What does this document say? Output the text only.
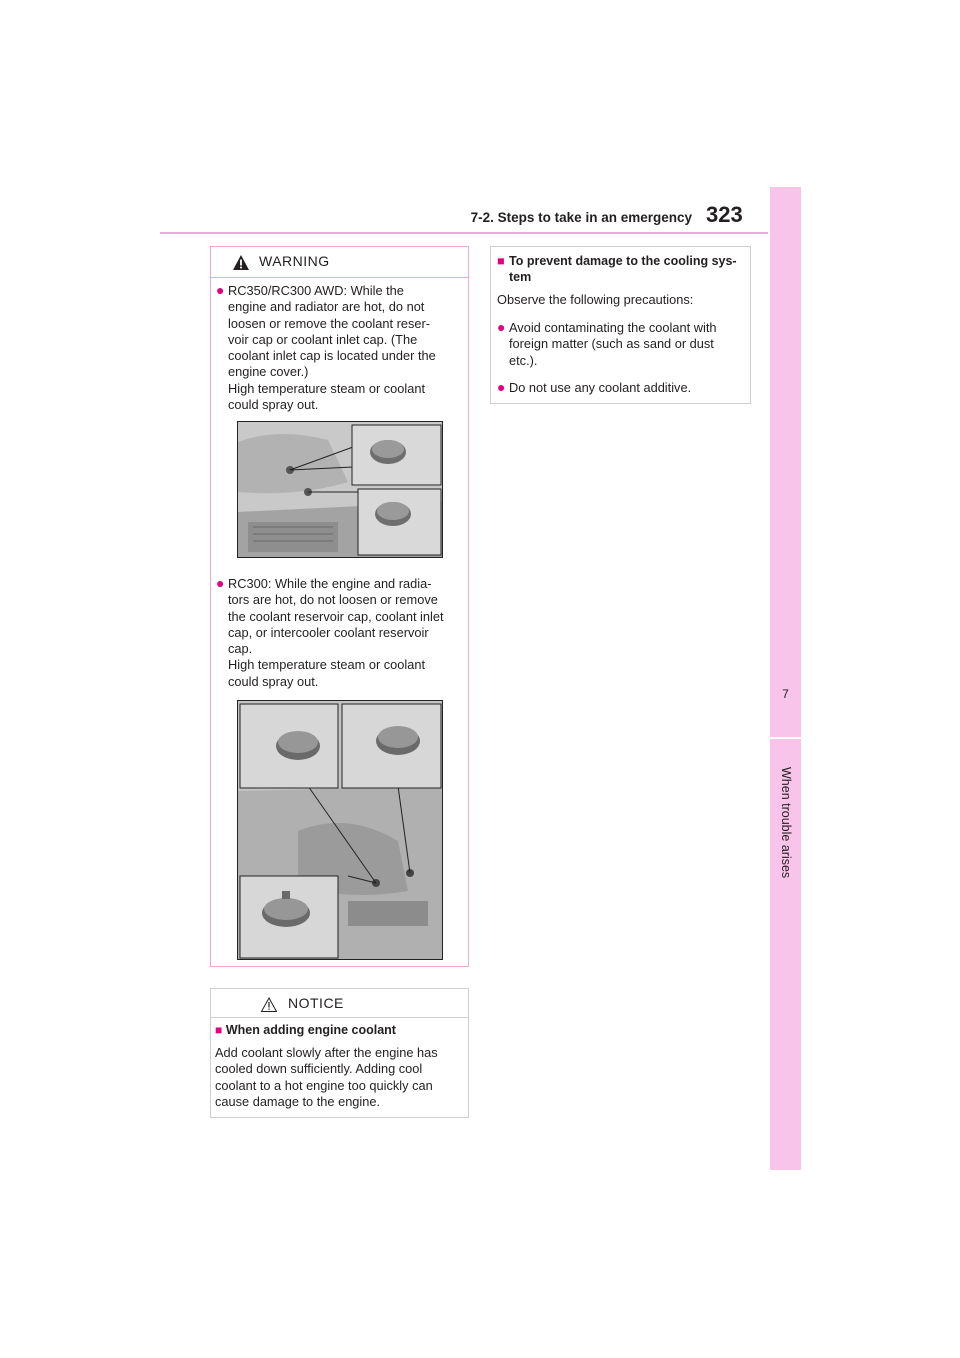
7-2. Steps to take in an emergency 323
7
When trouble arises
WARNING
● RC350/RC300 AWD: While the
engine and radiator are hot, do not
loosen or remove the coolant reser-
voir cap or coolant inlet cap. (The
coolant inlet cap is located under the
engine cover.)
High temperature steam or coolant
could spray out.
● RC300: While the engine and radia-
tors are hot, do not loosen or remove
the coolant reservoir cap, coolant inlet
cap, or intercooler coolant reservoir
cap.
High temperature steam or coolant
could spray out.
NOTICE
■ When adding engine coolant
Add coolant slowly after the engine has
cooled down sufficiently. Adding cool
coolant to a hot engine too quickly can
cause damage to the engine.
■ To prevent damage to the cooling sys-
tem
Observe the following precautions:
● Avoid contaminating the coolant with
foreign matter (such as sand or dust
etc.).
● Do not use any coolant additive.
